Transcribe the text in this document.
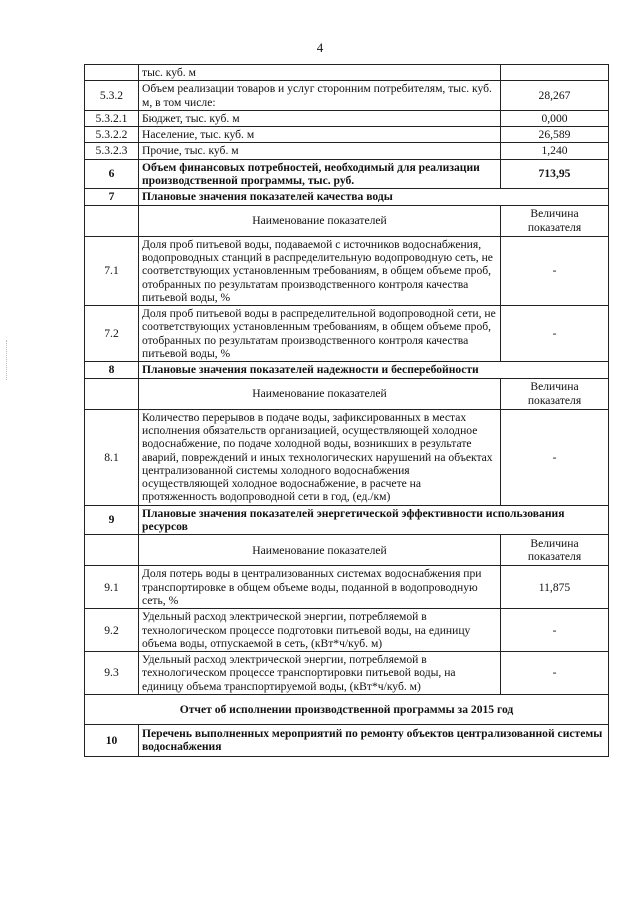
4
	тыс. куб. м	
5.3.2	Объем реализации товаров и услуг сторонним потребителям, тыс. куб. м, в том числе:	28,267
5.3.2.1	Бюджет, тыс. куб. м	0,000
5.3.2.2	Население, тыс. куб. м	26,589
5.3.2.3	Прочие, тыс. куб. м	1,240
6	Объем финансовых потребностей, необходимый для реализации производственной программы, тыс. руб.	713,95
7	Плановые значения показателей качества воды	
	Наименование показателей	Величина показателя
7.1	Доля проб питьевой воды, подаваемой с источников водоснабжения, водопроводных станций в распределительную водопроводную сеть, не соответствующих установленным требованиям, в общем объеме проб, отобранных по результатам производственного контроля качества питьевой воды, %	-
7.2	Доля проб питьевой воды в распределительной водопроводной сети, не соответствующих установленным требованиям, в общем объеме проб, отобранных по результатам производственного контроля качества питьевой воды, %	-
8	Плановые значения показателей надежности и бесперебойности	
	Наименование показателей	Величина показателя
8.1	Количество перерывов в подаче воды, зафиксированных в местах исполнения обязательств организацией, осуществляющей холодное водоснабжение, по подаче холодной воды, возникших в результате аварий, повреждений и иных технологических нарушений на объектах централизованной системы холодного водоснабжения осуществляющей холодное водоснабжение, в расчете на протяженность водопроводной сети в год, (ед./км)	-
9	Плановые значения показателей энергетической эффективности использования ресурсов	
	Наименование показателей	Величина показателя
9.1	Доля потерь воды в централизованных системах водоснабжения при транспортировке в общем объеме воды, поданной в водопроводную сеть, %	11,875
9.2	Удельный расход электрической энергии, потребляемой в технологическом процессе подготовки питьевой воды, на единицу объема воды, отпускаемой в сеть, (кВт*ч/куб. м)	-
9.3	Удельный расход электрической энергии, потребляемой в технологическом процессе транспортировки питьевой воды, на единицу объема транспортируемой воды, (кВт*ч/куб. м)	-
Отчет об исполнении производственной программы за 2015 год		
10	Перечень выполненных мероприятий по ремонту объектов централизованной системы водоснабжения	
